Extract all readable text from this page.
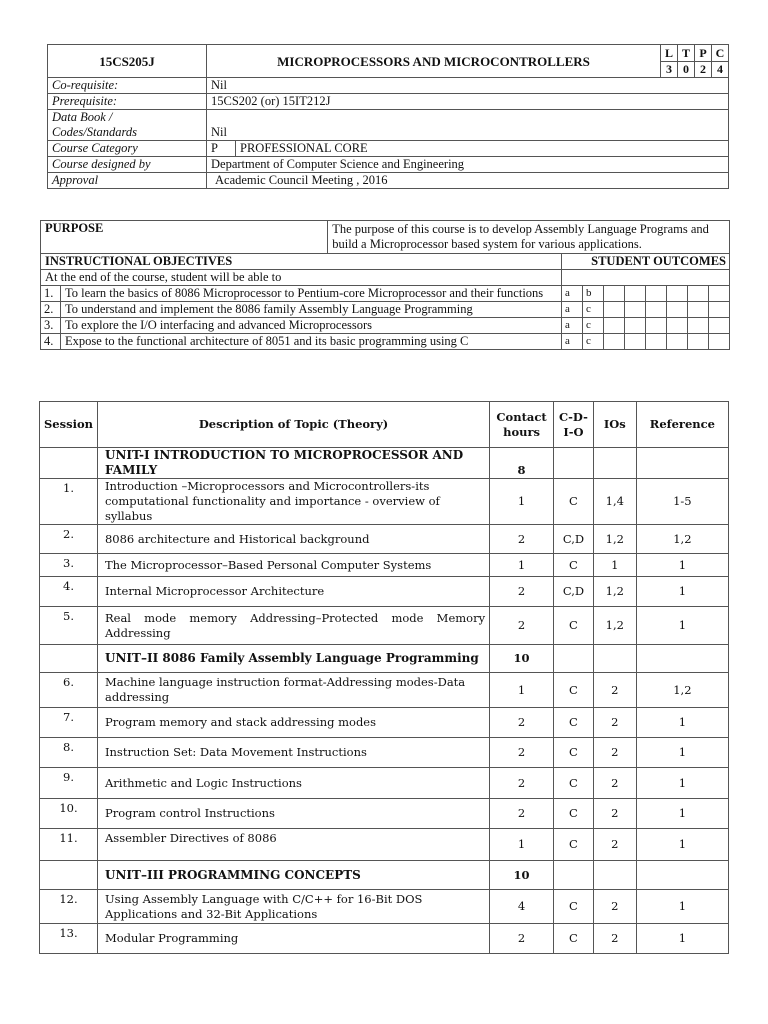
15CS205J	MICROPROCESSORS AND MICROCONTROLLERS		L	T	P	C
			3	0	2	4
Co-requisite:	Nil					
Prerequisite:	15CS202 (or) 15IT212J					
Data Book /
Codes/Standards	Nil					
Course Category	P	PROFESSIONAL CORE				
Course designed by	Department of Computer Science and Engineering					
Approval	Academic Council Meeting , 2016					
PURPOSE		The purpose of this course is to develop Assembly Language Programs and build a Microprocessor based system for various applications.								
INSTRUCTIONAL OBJECTIVES			STUDENT OUTCOMES							
At the end of the course, student will be able to										
1.	To learn the basics of 8086 Microprocessor to Pentium-core Microprocessor and their functions		a	b						
2.	To understand and implement the 8086 family Assembly Language Programming		a	c						
3.	To explore the I/O interfacing and advanced Microprocessors		a	c						
4.	Expose to the functional architecture of 8051 and its basic programming using C		a	c						
Session	Description of Topic (Theory)	Contact hours	C-D-I-O	IOs	Reference
	UNIT-I INTRODUCTION TO MICROPROCESSOR AND FAMILY	8			
1.	Introduction –Microprocessors and Microcontrollers-its computational functionality and importance - overview of syllabus	1	C	1,4	1-5
2.	8086 architecture and Historical background	2	C,D	1,2	1,2
3.	The Microprocessor–Based Personal Computer Systems	1	C	1	1
4.	Internal Microprocessor Architecture	2	C,D	1,2	1
5.	Real mode memory Addressing–Protected mode Memory Addressing	2	C	1,2	1
	UNIT–II 8086 Family Assembly Language Programming	10			
6.	Machine language instruction format-Addressing modes-Data addressing	1	C	2	1,2
7.	Program memory and stack addressing modes	2	C	2	1
8.	Instruction Set: Data Movement Instructions	2	C	2	1
9.	Arithmetic and Logic Instructions	2	C	2	1
10.	Program control Instructions	2	C	2	1
11.	Assembler Directives of 8086	1	C	2	1
	UNIT–III PROGRAMMING CONCEPTS	10			
12.	Using Assembly Language with C/C++ for 16-Bit DOS Applications and 32-Bit Applications	4	C	2	1
13.	Modular Programming	2	C	2	1
